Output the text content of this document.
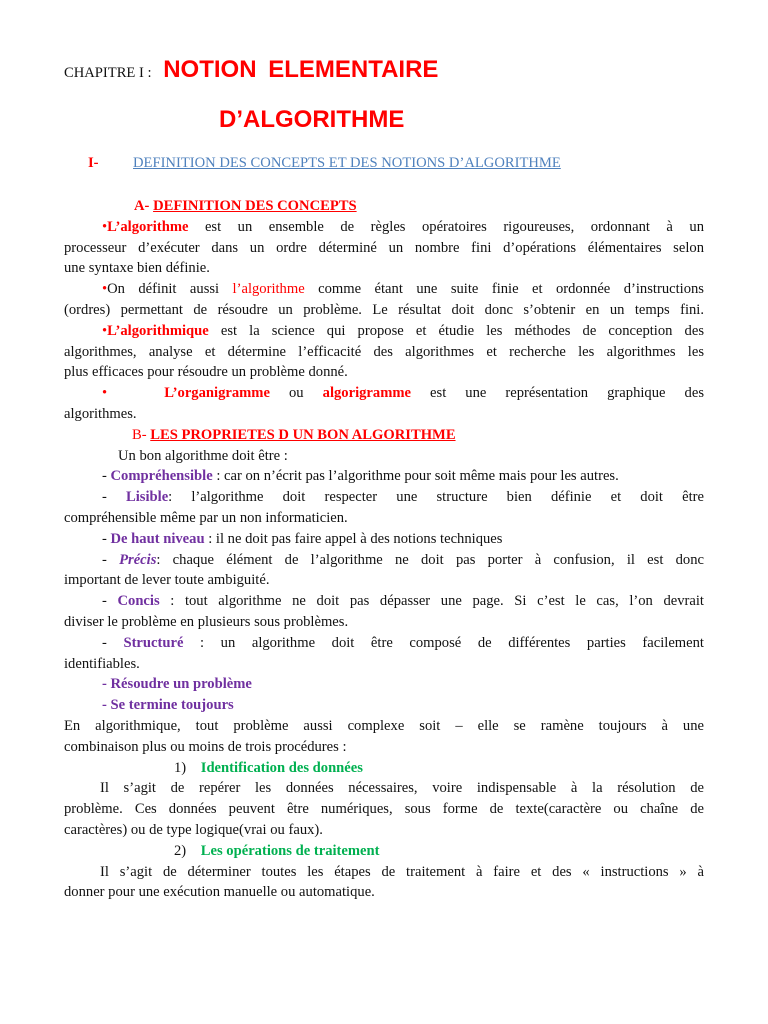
CHAPITRE I : NOTION ELEMENTAIRE
D’ALGORITHME
I- DEFINITION DES CONCEPTS ET DES NOTIONS D’ALGORITHME
A- DEFINITION DES CONCEPTS
•L’algorithme est un ensemble de règles opératoires rigoureuses, ordonnant à un
processeur d’exécuter dans un ordre déterminé un nombre fini d’opérations élémentaires selon
une syntaxe bien définie.
•On définit aussi l’algorithme comme étant une suite finie et ordonnée d’instructions
(ordres) permettant de résoudre un problème. Le résultat doit donc s’obtenir en un temps fini.
•L’algorithmique est la science qui propose et étudie les méthodes de conception des
algorithmes, analyse et détermine l’efficacité des algorithmes et recherche les algorithmes les
plus efficaces pour résoudre un problème donné.
•   L’organigramme ou algorigramme est une représentation graphique des
algorithmes.
B- LES PROPRIETES D UN BON ALGORITHME
Un bon algorithme doit être :
- Compréhensible : car on n’écrit pas l’algorithme pour soit même mais pour les autres.
- Lisible: l’algorithme doit respecter une structure bien définie et doit être
compréhensible même par un non informaticien.
- De haut niveau : il ne doit pas faire appel à des notions techniques
- Précis: chaque élément de l’algorithme ne doit pas porter à confusion, il est donc
important de lever toute ambiguité.
- Concis : tout algorithme ne doit pas dépasser une page. Si c’est le cas, l’on devrait
diviser le problème en plusieurs sous problèmes.
- Structuré : un algorithme doit être composé de différentes parties facilement
identifiables.
- Résoudre un problème
- Se termine toujours
En algorithmique, tout problème aussi complexe soit – elle se ramène toujours à une
combinaison plus ou moins de trois procédures :
1) Identification des données
Il s’agit de repérer les données nécessaires, voire indispensable à la résolution de
problème. Ces données peuvent être numériques, sous forme de texte(caractère ou chaîne de
caractères) ou de type logique(vrai ou faux).
2) Les opérations de traitement
Il s’agit de déterminer toutes les étapes de traitement à faire et des « instructions » à
donner pour une exécution manuelle ou automatique.
